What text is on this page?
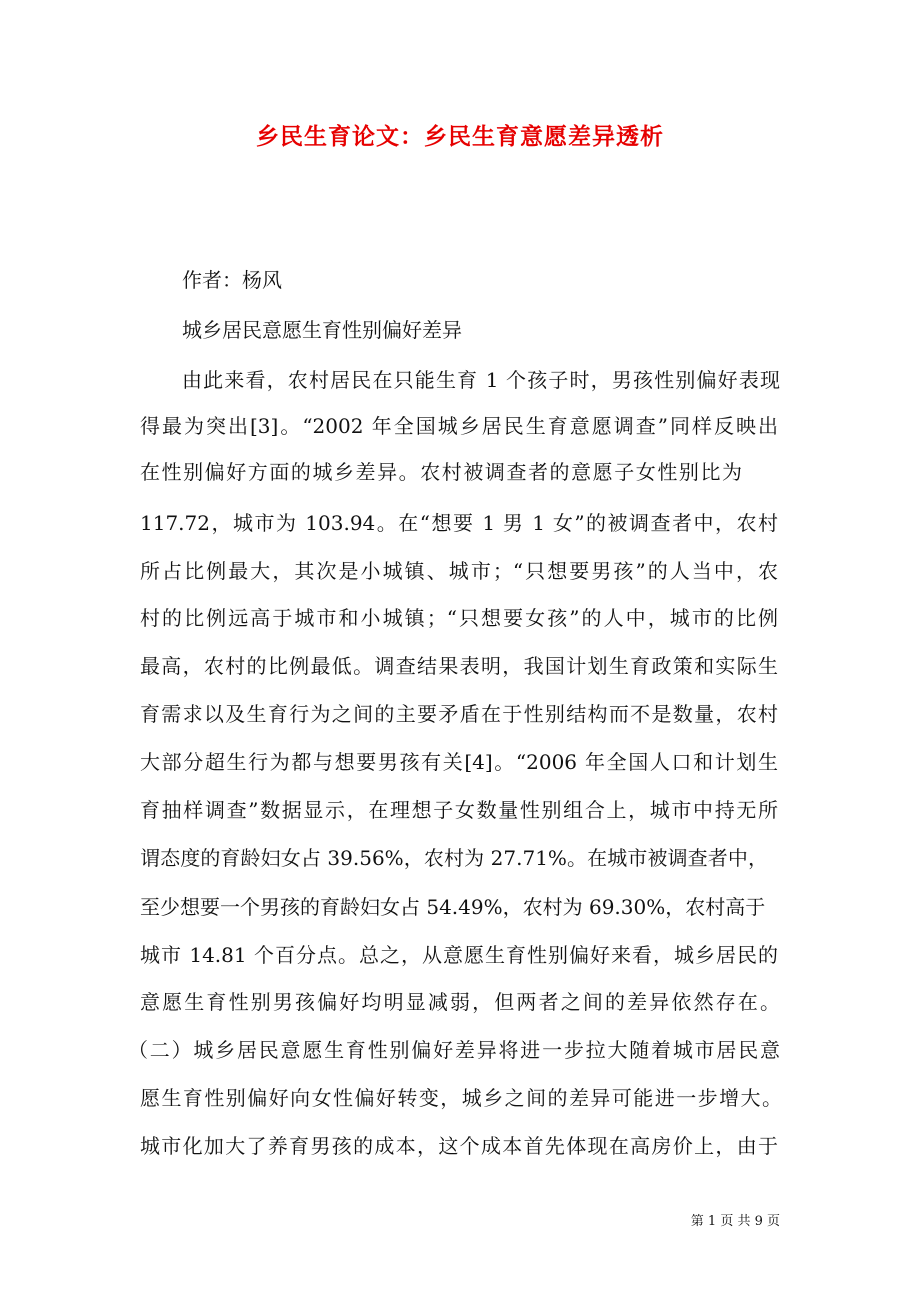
乡民生育论文：乡民生育意愿差异透析
作者：杨风
城乡居民意愿生育性别偏好差异
由此来看，农村居民在只能生育 1 个孩子时，男孩性别偏好表现
得最为突出[3]。“2002 年全国城乡居民生育意愿调查”同样反映出
在性别偏好方面的城乡差异。农村被调查者的意愿子女性别比为
117.72，城市为 103.94。在“想要 1 男 1 女”的被调查者中，农村
所占比例最大，其次是小城镇、城市；“只想要男孩”的人当中，农
村的比例远高于城市和小城镇；“只想要女孩”的人中，城市的比例
最高，农村的比例最低。调查结果表明，我国计划生育政策和实际生
育需求以及生育行为之间的主要矛盾在于性别结构而不是数量，农村
大部分超生行为都与想要男孩有关[4]。“2006 年全国人口和计划生
育抽样调查”数据显示，在理想子女数量性别组合上，城市中持无所
谓态度的育龄妇女占 39.56%，农村为 27.71%。在城市被调查者中，
至少想要一个男孩的育龄妇女占 54.49%，农村为 69.30%，农村高于
城市 14.81 个百分点。总之，从意愿生育性别偏好来看，城乡居民的
意愿生育性别男孩偏好均明显减弱，但两者之间的差异依然存在。
（二）城乡居民意愿生育性别偏好差异将进一步拉大随着城市居民意
愿生育性别偏好向女性偏好转变，城乡之间的差异可能进一步增大。
城市化加大了养育男孩的成本，这个成本首先体现在高房价上，由于
第 1 页 共 9 页
